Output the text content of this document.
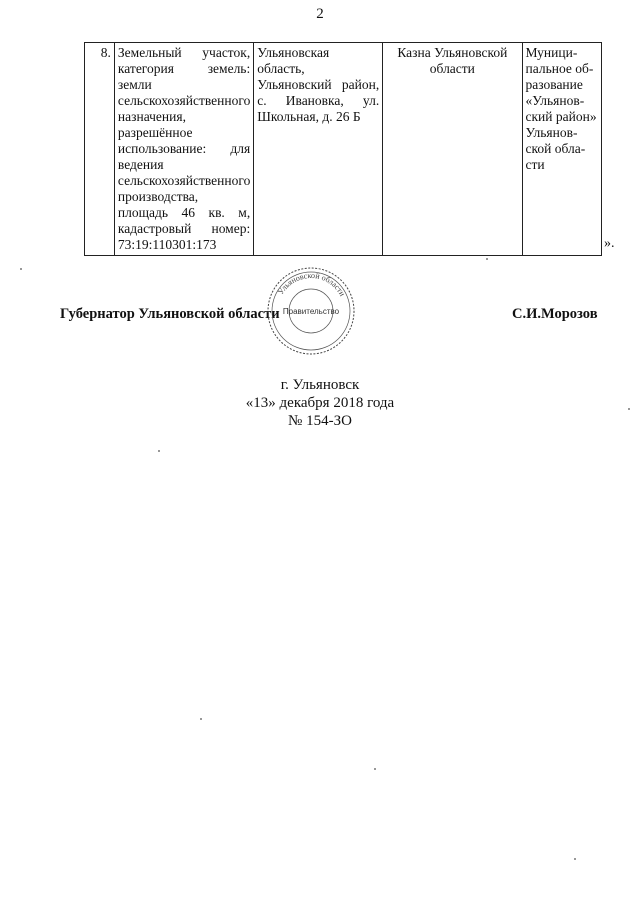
2
8.	Земельный участок, категория земель: земли сельскохозяйственного назначения, разрешённое использование: для ведения сельскохозяйственного производства, площадь 46 кв. м, кадастровый номер: 73:19:110301:173	Ульяновская область, Ульяновский район, с. Ивановка, ул. Школьная, д. 26 Б	Казна Ульяновской области	Муници-
пальное об-
разование
«Ульянов-
ский район»
Ульянов-
ской обла-
сти
».
Губернатор Ульяновской области	С.И.Морозов
Ульяновской области
Правительство
г. Ульяновск
«13» декабря 2018 года
№ 154-ЗО
